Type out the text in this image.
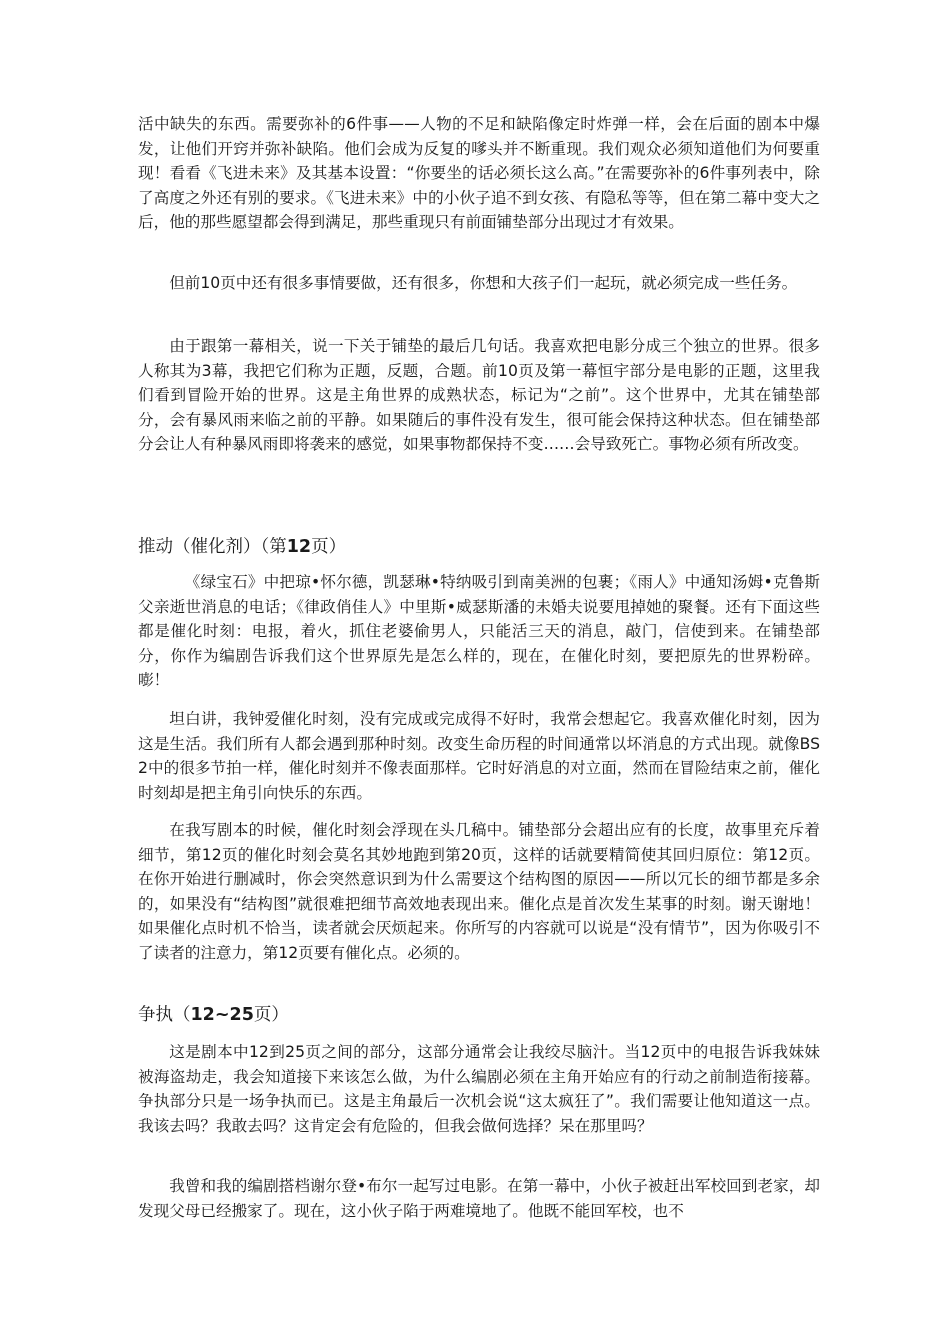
活中缺失的东西。需要弥补的6件事——人物的不足和缺陷像定时炸弹一样，会在后面的剧本中爆发，让他们开窍并弥补缺陷。他们会成为反复的嗲头并不断重现。我们观众必须知道他们为何要重现！看看《飞进未来》及其基本设置：“你要坐的话必须长这么高。”在需要弥补的6件事列表中，除了高度之外还有别的要求。《飞进未来》中的小伙子追不到女孩、有隐私等等，但在第二幕中变大之后，他的那些愿望都会得到满足，那些重现只有前面铺垫部分出现过才有效果。

但前10页中还有很多事情要做，还有很多，你想和大孩子们一起玩，就必须完成一些任务。

由于跟第一幕相关，说一下关于铺垫的最后几句话。我喜欢把电影分成三个独立的世界。很多人称其为3幕，我把它们称为正题，反题，合题。前10页及第一幕恒宇部分是电影的正题，这里我们看到冒险开始的世界。这是主角世界的成熟状态，标记为“之前”。这个世界中，尤其在铺垫部分，会有暴风雨来临之前的平静。如果随后的事件没有发生，很可能会保持这种状态。但在铺垫部分会让人有种暴风雨即将袭来的感觉，如果事物都保持不变……会导致死亡。事物必须有所改变。

推动（催化剂）（第12页）

《绿宝石》中把琼•怀尔德，凯瑟琳•特纳吸引到南美洲的包裹；《雨人》中通知汤姆•克鲁斯父亲逝世消息的电话；《律政俏佳人》中里斯•威瑟斯潘的未婚夫说要甩掉她的聚餐。还有下面这些都是催化时刻：电报，着火，抓住老婆偷男人，只能活三天的消息，敲门，信使到来。在铺垫部分，你作为编剧告诉我们这个世界原先是怎么样的，现在，在催化时刻，要把原先的世界粉碎。嘭！

坦白讲，我钟爱催化时刻，没有完成或完成得不好时，我常会想起它。我喜欢催化时刻，因为这是生活。我们所有人都会遇到那种时刻。改变生命历程的时间通常以坏消息的方式出现。就像BS2中的很多节拍一样，催化时刻并不像表面那样。它时好消息的对立面，然而在冒险结束之前，催化时刻却是把主角引向快乐的东西。

在我写剧本的时候，催化时刻会浮现在头几稿中。铺垫部分会超出应有的长度，故事里充斥着细节，第12页的催化时刻会莫名其妙地跑到第20页，这样的话就要精简使其回归原位：第12页。在你开始进行删减时，你会突然意识到为什么需要这个结构图的原因——所以冗长的细节都是多余的，如果没有“结构图”就很难把细节高效地表现出来。催化点是首次发生某事的时刻。谢天谢地！如果催化点时机不恰当，读者就会厌烦起来。你所写的内容就可以说是“没有情节”，因为你吸引不了读者的注意力，第12页要有催化点。必须的。

争执（12~25页）

这是剧本中12到25页之间的部分，这部分通常会让我绞尽脑汁。当12页中的电报告诉我妹妹被海盗劫走，我会知道接下来该怎么做，为什么编剧必须在主角开始应有的行动之前制造衔接幕。争执部分只是一场争执而已。这是主角最后一次机会说“这太疯狂了”。我们需要让他知道这一点。我该去吗？我敢去吗？这肯定会有危险的，但我会做何选择？呆在那里吗？

我曾和我的编剧搭档谢尔登•布尔一起写过电影。在第一幕中，小伙子被赶出军校回到老家，却发现父母已经搬家了。现在，这小伙子陷于两难境地了。他既不能回军校，也不
